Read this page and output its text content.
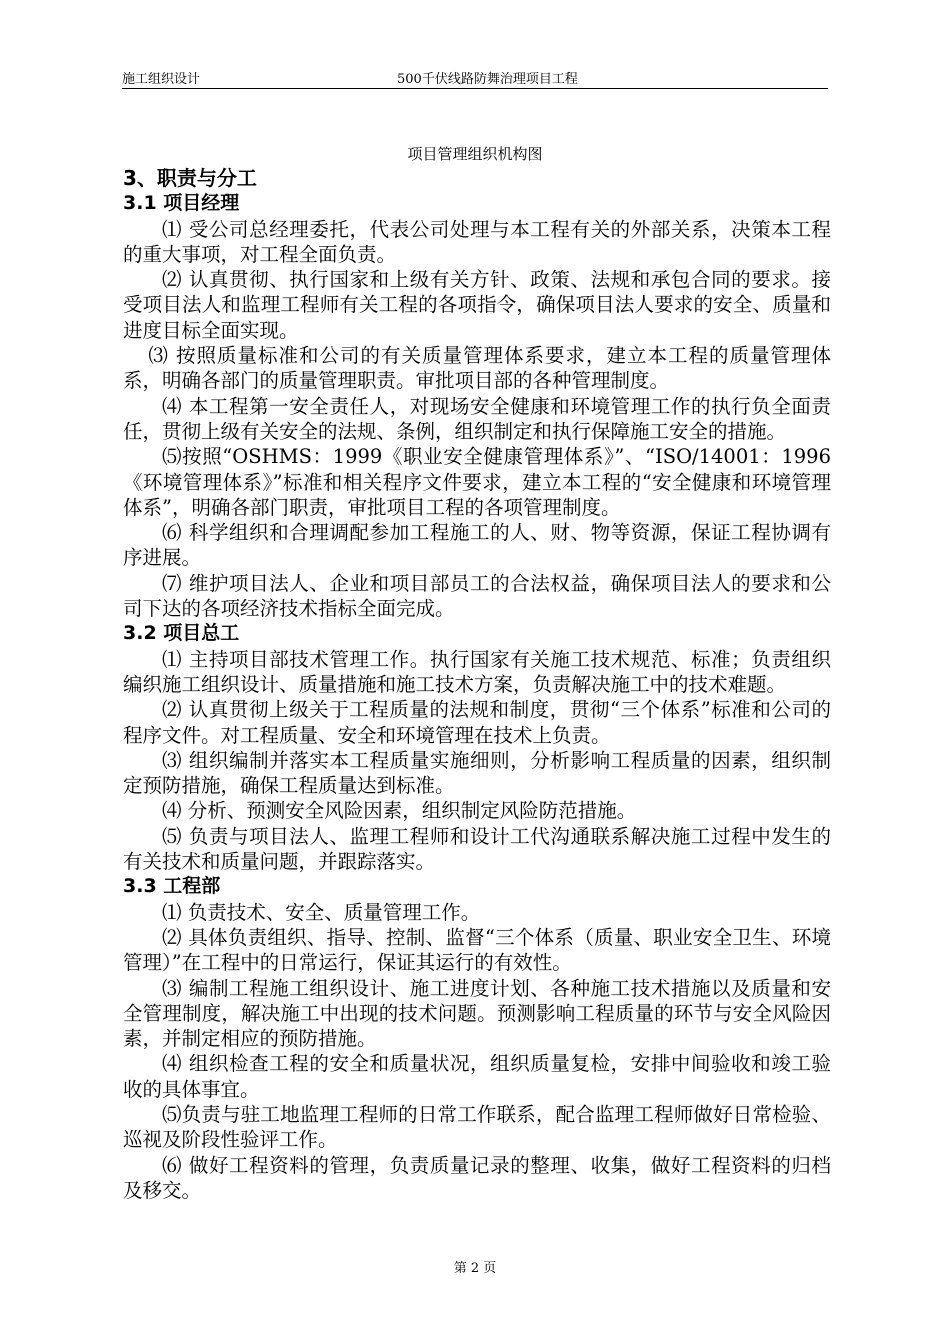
施工组织设计	500千伏线路防舞治理项目工程
项目管理组织机构图

3、职责与分工

3.1 项目经理

⑴ 受公司总经理委托，代表公司处理与本工程有关的外部关系，决策本工程的重大事项，对工程全面负责。

⑵ 认真贯彻、执行国家和上级有关方针、政策、法规和承包合同的要求。接受项目法人和监理工程师有关工程的各项指令，确保项目法人要求的安全、质量和进度目标全面实现。

⑶ 按照质量标准和公司的有关质量管理体系要求，建立本工程的质量管理体系，明确各部门的质量管理职责。审批项目部的各种管理制度。

⑷ 本工程第一安全责任人，对现场安全健康和环境管理工作的执行负全面责任，贯彻上级有关安全的法规、条例，组织制定和执行保障施工安全的措施。

⑸按照“OSHMS：1999《职业安全健康管理体系》”、“ISO/14001：1996《环境管理体系》”标准和相关程序文件要求，建立本工程的“安全健康和环境管理体系”，明确各部门职责，审批项目工程的各项管理制度。

⑹ 科学组织和合理调配参加工程施工的人、财、物等资源，保证工程协调有序进展。

⑺ 维护项目法人、企业和项目部员工的合法权益，确保项目法人的要求和公司下达的各项经济技术指标全面完成。

3.2 项目总工

⑴ 主持项目部技术管理工作。执行国家有关施工技术规范、标准；负责组织编织施工组织设计、质量措施和施工技术方案，负责解决施工中的技术难题。

⑵ 认真贯彻上级关于工程质量的法规和制度，贯彻“三个体系”标准和公司的程序文件。对工程质量、安全和环境管理在技术上负责。

⑶ 组织编制并落实本工程质量实施细则，分析影响工程质量的因素，组织制定预防措施，确保工程质量达到标准。

⑷ 分析、预测安全风险因素，组织制定风险防范措施。

⑸ 负责与项目法人、监理工程师和设计工代沟通联系解决施工过程中发生的有关技术和质量问题，并跟踪落实。

3.3 工程部

⑴ 负责技术、安全、质量管理工作。

⑵ 具体负责组织、指导、控制、监督“三个体系（质量、职业安全卫生、环境管理）”在工程中的日常运行，保证其运行的有效性。

⑶ 编制工程施工组织设计、施工进度计划、各种施工技术措施以及质量和安全管理制度，解决施工中出现的技术问题。预测影响工程质量的环节与安全风险因素，并制定相应的预防措施。

⑷ 组织检查工程的安全和质量状况，组织质量复检，安排中间验收和竣工验收的具体事宜。

⑸负责与驻工地监理工程师的日常工作联系，配合监理工程师做好日常检验、巡视及阶段性验评工作。

⑹ 做好工程资料的管理，负责质量记录的整理、收集，做好工程资料的归档及移交。

第 2 页
